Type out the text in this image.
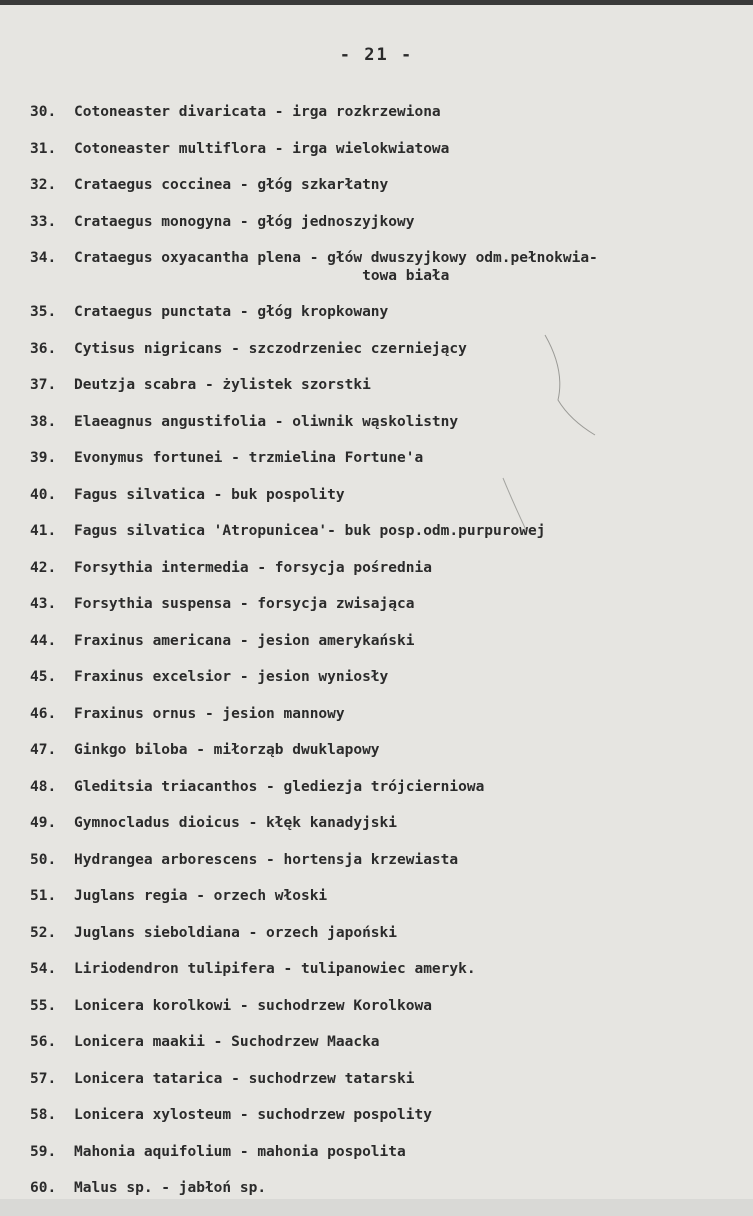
- 21 -
30.	Cotoneaster divaricata - irga rozkrzewiona
31.	Cotoneaster multiflora - irga wielokwiatowa
32.	Crataegus coccinea - głóg szkarłatny
33.	Crataegus monogyna - głóg jednoszyjkowy
34.	Crataegus oxyacantha plena - głów dwuszyjkowy odm.pełnokwia-
towa biała
35.	Crataegus punctata - głóg kropkowany
36.	Cytisus nigricans - szczodrzeniec czerniejący
37.	Deutzja scabra - żylistek szorstki
38.	Elaeagnus angustifolia - oliwnik wąskolistny
39.	Evonymus fortunei - trzmielina Fortune'a
40.	Fagus silvatica - buk pospolity
41.	Fagus silvatica 'Atropunicea'- buk posp.odm.purpurowej
42.	Forsythia intermedia - forsycja pośrednia
43.	Forsythia suspensa - forsycja zwisająca
44.	Fraxinus americana - jesion amerykański
45.	Fraxinus excelsior - jesion wyniosły
46.	Fraxinus ornus - jesion mannowy
47.	Ginkgo biloba - miłorząb dwuklapowy
48.	Gleditsia triacanthos - glediezja trójcierniowa
49.	Gymnocladus dioicus - kłęk kanadyjski
50.	Hydrangea arborescens - hortensja krzewiasta
51.	Juglans regia - orzech włoski
52.	Juglans sieboldiana - orzech japoński
54.	Liriodendron tulipifera - tulipanowiec ameryk.
55.	Lonicera korolkowi - suchodrzew Korolkowa
56.	Lonicera maakii - Suchodrzew Maacka
57.	Lonicera tatarica - suchodrzew tatarski
58.	Lonicera xylosteum - suchodrzew pospolity
59.	Mahonia aquifolium - mahonia pospolita
60.	Malus sp. - jabłoń sp.
